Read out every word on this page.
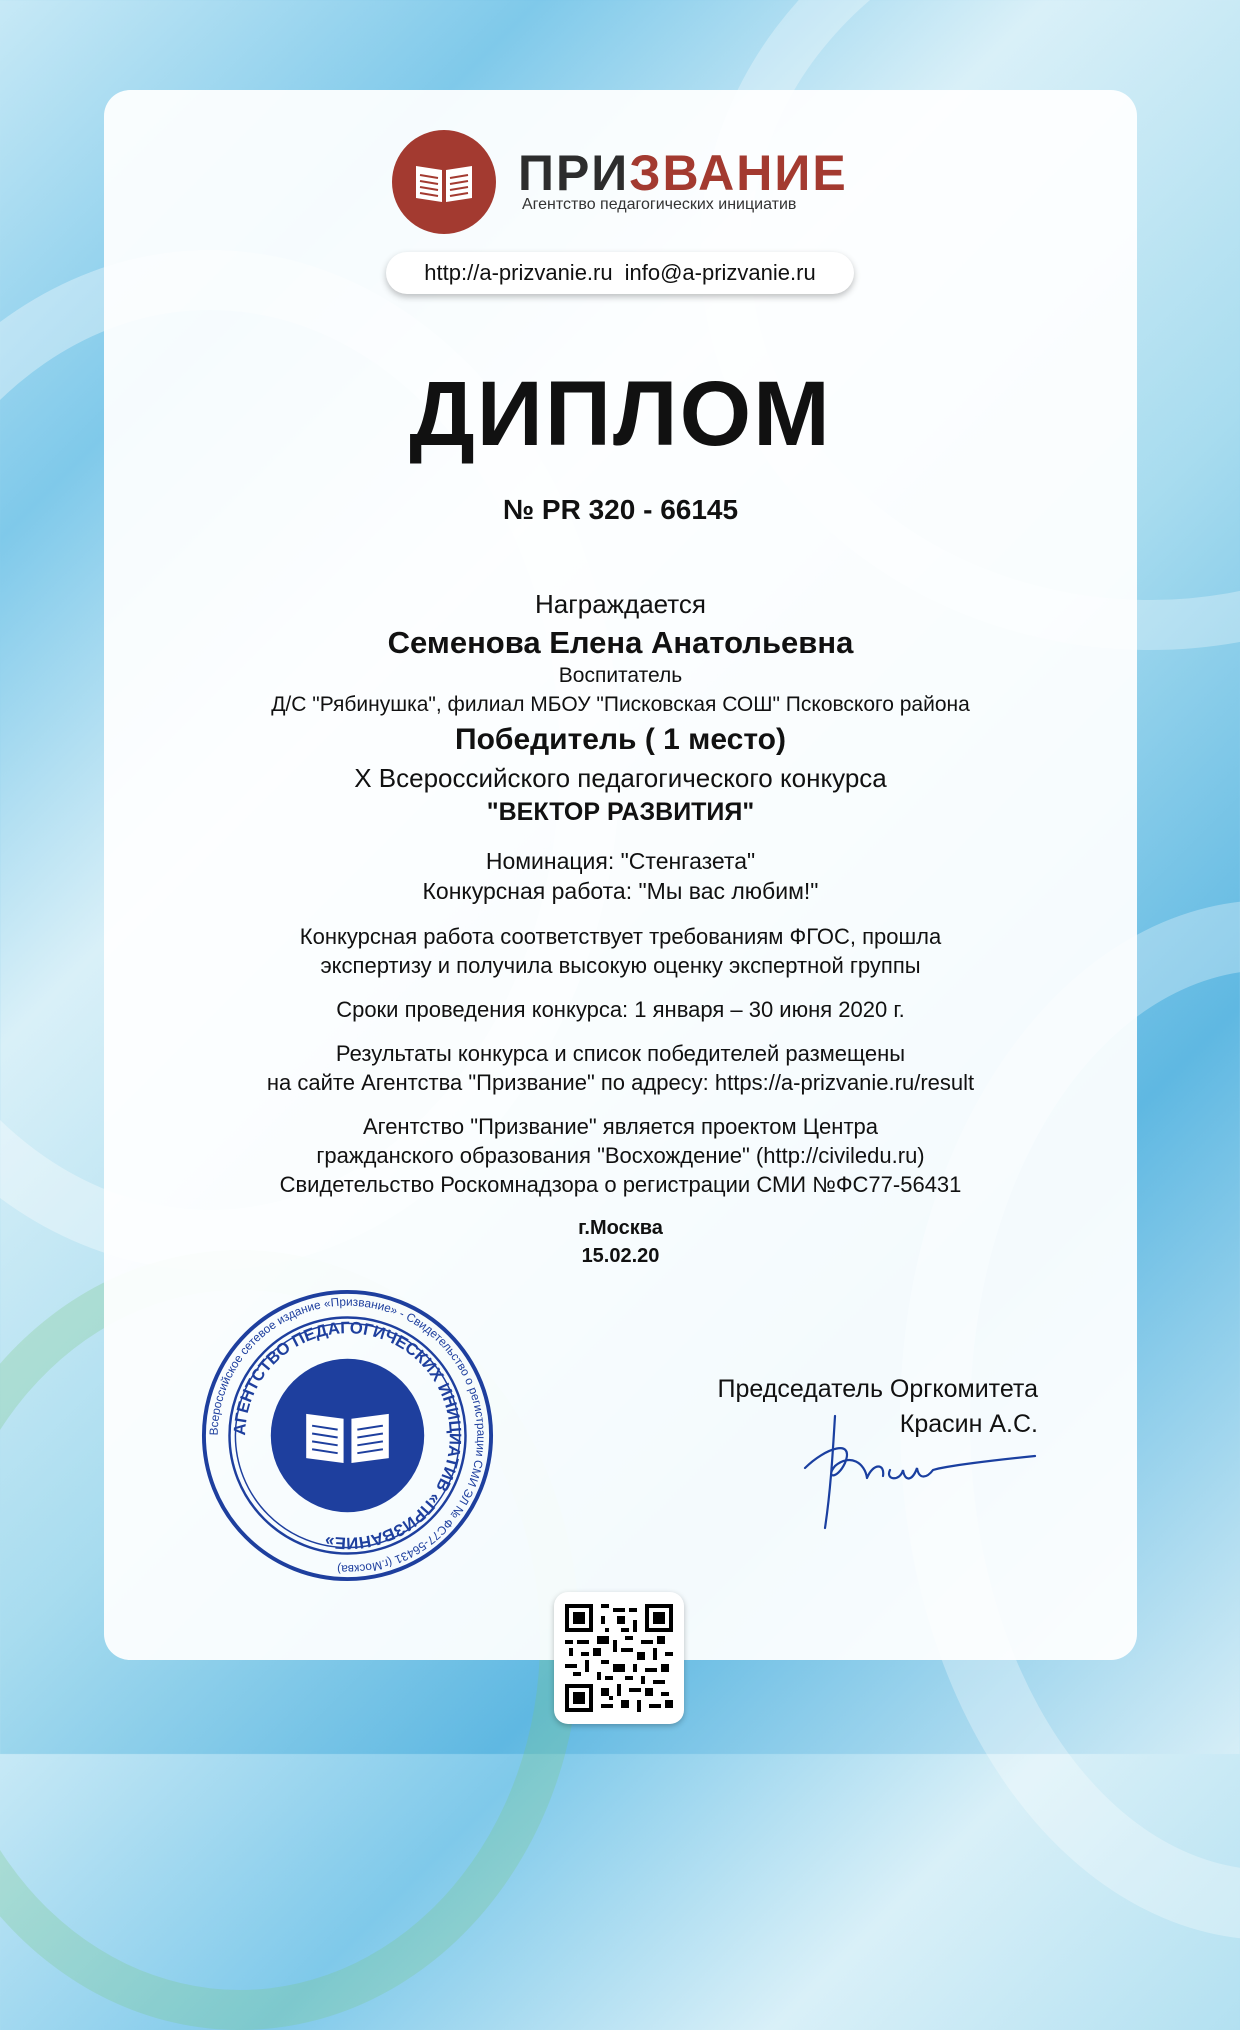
ПРИЗВАНИЕ
Агентство педагогических инициатив
http://a-prizvanie.ru info@a-prizvanie.ru
ДИПЛОМ
№ PR 320 - 66145
Награждается
Семенова Елена Анатольевна
Воспитатель
Д/С "Рябинушка", филиал МБОУ "Писковская СОШ" Псковского района
Победитель ( 1 место)
X Всероссийского педагогического конкурса
"ВЕКТОР РАЗВИТИЯ"
Номинация: "Стенгазета"
Конкурсная работа: "Мы вас любим!"
Конкурсная работа соответствует требованиям ФГОС, прошла
экспертизу и получила высокую оценку экспертной группы
Сроки проведения конкурса: 1 января – 30 июня 2020 г.
Результаты конкурса и список победителей размещены
на сайте Агентства "Призвание" по адресу: https://a-prizvanie.ru/result
Агентство "Призвание" является проектом Центра
гражданского образования "Восхождение" (http://civiledu.ru)
Свидетельство Роскомнадзора о регистрации СМИ №ФС77-56431
г.Москва
15.02.20
Всероссийское сетевое издание «Призвание» - Свидетельство о регистрации СМИ ЭЛ № ФС77-56431 (г.Москва)
АГЕНТСТВО ПЕДАГОГИЧЕСКИХ ИНИЦИАТИВ «ПРИЗВАНИЕ»
Председатель Оргкомитета
Красин А.С.
